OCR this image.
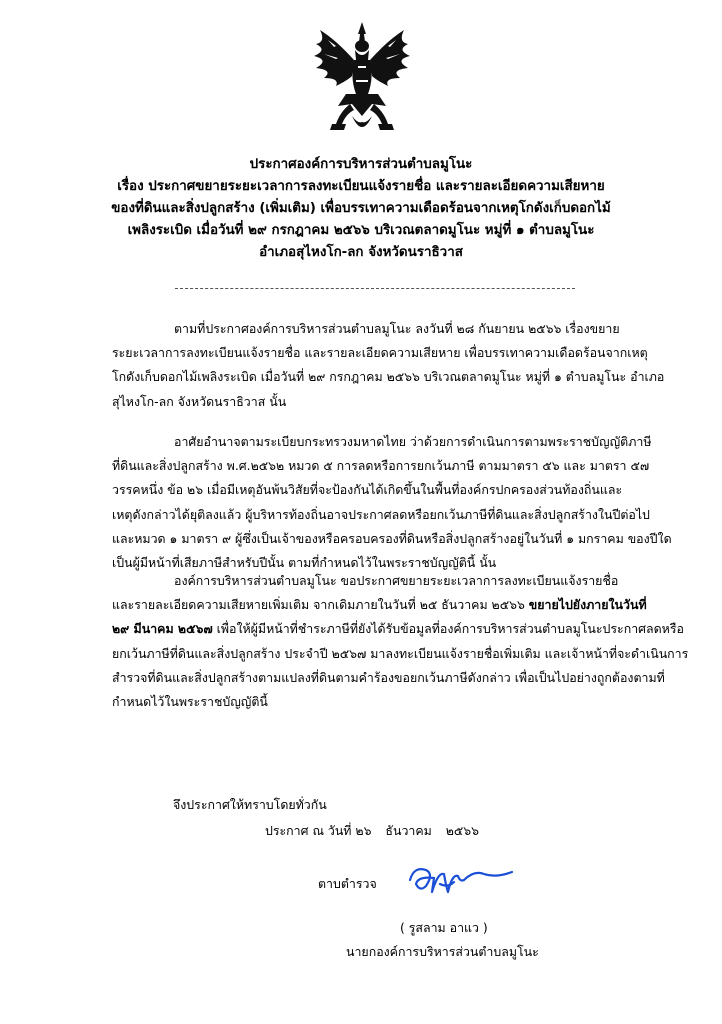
ประกาศองค์การบริหารส่วนตำบลมูโนะ
เรื่อง ประกาศขยายระยะเวลาการลงทะเบียนแจ้งรายชื่อ และรายละเอียดความเสียหาย
ของที่ดินและสิ่งปลูกสร้าง (เพิ่มเติม) เพื่อบรรเทาความเดือดร้อนจากเหตุโกดังเก็บดอกไม้
เพลิงระเบิด เมื่อวันที่ ๒๙ กรกฎาคม ๒๕๖๖ บริเวณตลาดมูโนะ หมู่ที่ ๑ ตำบลมูโนะ
อำเภอสุไหงโก-ลก จังหวัดนราธิวาส
ตามที่ประกาศองค์การบริหารส่วนตำบลมูโนะ ลงวันที่ ๒๘ กันยายน ๒๕๖๖ เรื่องขยาย
ระยะเวลาการลงทะเบียนแจ้งรายชื่อ และรายละเอียดความเสียหาย เพื่อบรรเทาความเดือดร้อนจากเหตุ
โกดังเก็บดอกไม้เพลิงระเบิด เมื่อวันที่ ๒๙ กรกฎาคม ๒๕๖๖ บริเวณตลาดมูโนะ หมู่ที่ ๑ ตำบลมูโนะ อำเภอ
สุไหงโก-ลก จังหวัดนราธิวาส นั้น
อาศัยอำนาจตามระเบียบกระทรวงมหาดไทย ว่าด้วยการดำเนินการตามพระราชบัญญัติภาษี
ที่ดินและสิ่งปลูกสร้าง พ.ศ.๒๕๖๒ หมวด ๕ การลดหรือการยกเว้นภาษี ตามมาตรา ๕๖ และ มาตรา ๕๗
วรรคหนึ่ง ข้อ ๒๖ เมื่อมีเหตุอันพ้นวิสัยที่จะป้องกันได้เกิดขึ้นในพื้นที่องค์กรปกครองส่วนท้องถิ่นและ
เหตุดังกล่าวได้ยุติลงแล้ว ผู้บริหารท้องถิ่นอาจประกาศลดหรือยกเว้นภาษีที่ดินและสิ่งปลูกสร้างในปีต่อไป
และหมวด ๑ มาตรา ๙ ผู้ซึ่งเป็นเจ้าของหรือครอบครองที่ดินหรือสิ่งปลูกสร้างอยู่ในวันที่ ๑ มกราคม ของปีใด
เป็นผู้มีหน้าที่เสียภาษีสำหรับปีนั้น ตามที่กำหนดไว้ในพระราชบัญญัตินี้ นั้น
องค์การบริหารส่วนตำบลมูโนะ ขอประกาศขยายระยะเวลาการลงทะเบียนแจ้งรายชื่อ
และรายละเอียดความเสียหายเพิ่มเติม จากเดิมภายในวันที่ ๒๕ ธันวาคม ๒๕๖๖ ขยายไปยังภายในวันที่
๒๙ มีนาคม ๒๕๖๗ เพื่อให้ผู้มีหน้าที่ชำระภาษีที่ยังได้รับข้อมูลที่องค์การบริหารส่วนตำบลมูโนะประกาศลดหรือ
ยกเว้นภาษีที่ดินและสิ่งปลูกสร้าง ประจำปี ๒๕๖๗ มาลงทะเบียนแจ้งรายชื่อเพิ่มเติม และเจ้าหน้าที่จะดำเนินการ
สำรวจที่ดินและสิ่งปลูกสร้างตามแปลงที่ดินตามคำร้องขอยกเว้นภาษีดังกล่าว เพื่อเป็นไปอย่างถูกต้องตามที่
กำหนดไว้ในพระราชบัญญัตินี้
จึงประกาศให้ทราบโดยทั่วกัน
ประกาศ ณ วันที่ ๒๖ ธันวาคม ๒๕๖๖
ตาบตำรวจ
( รูสลาม อาแว )
นายกองค์การบริหารส่วนตำบลมูโนะ
